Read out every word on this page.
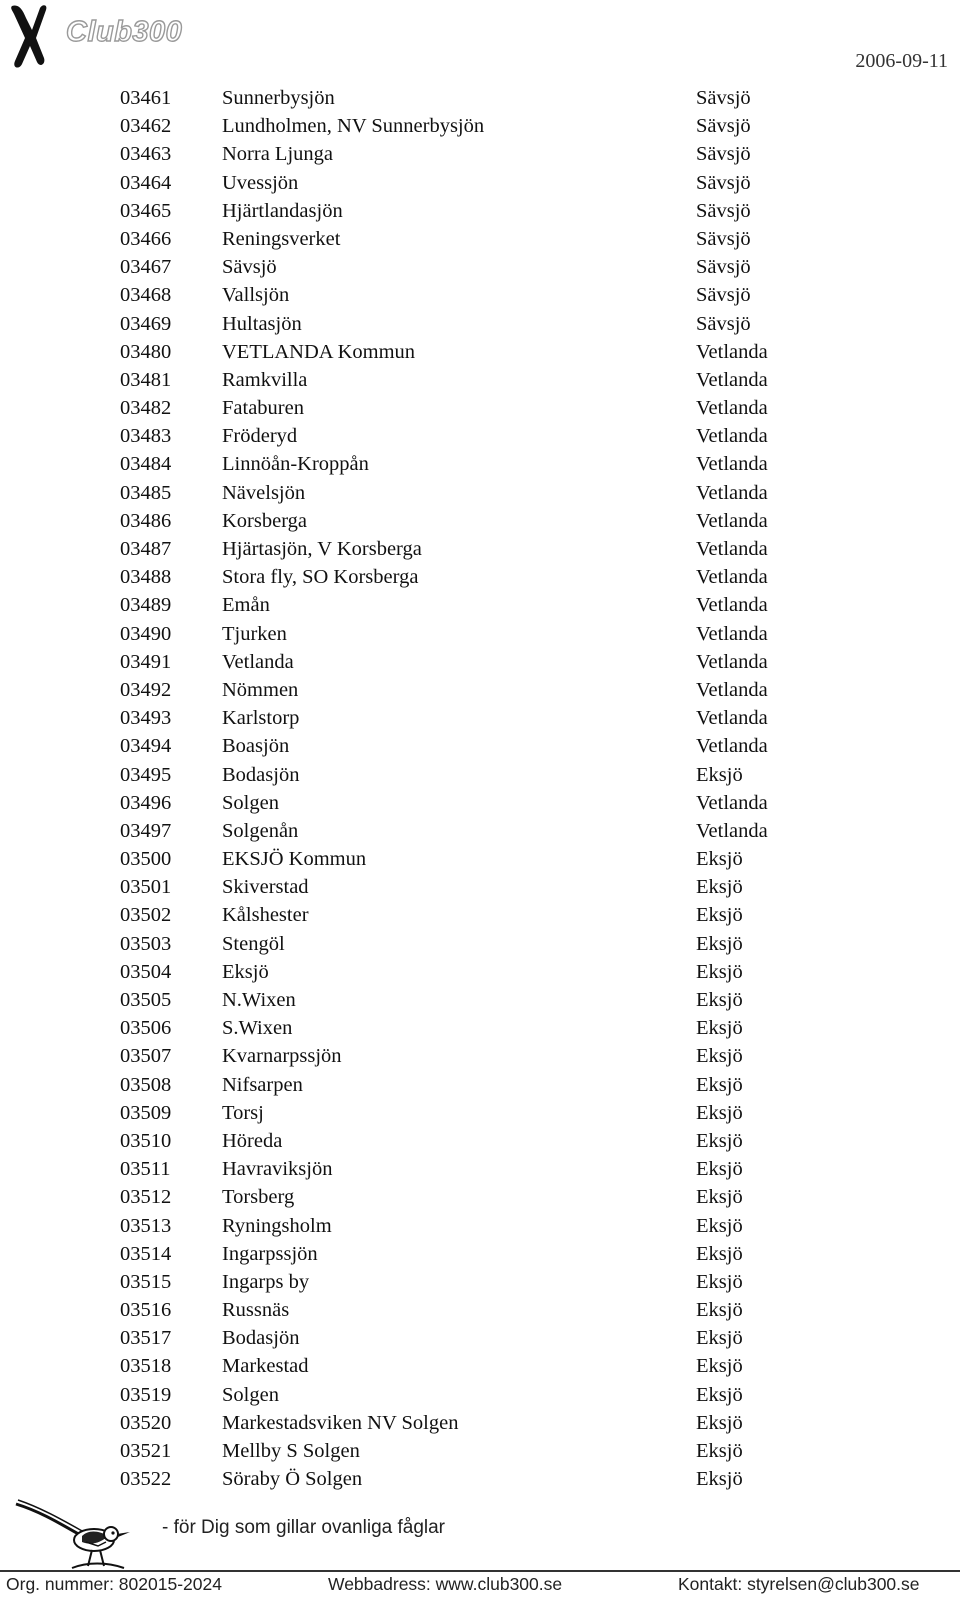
Club300
2006-09-11
03461 Sunnerbysjön	Sävsjö
03462 Lundholmen, NV Sunnerbysjön	Sävsjö
03463 Norra Ljunga	Sävsjö
03464 Uvessjön	Sävsjö
03465 Hjärtlandasjön	Sävsjö
03466 Reningsverket	Sävsjö
03467 Sävsjö	Sävsjö
03468 Vallsjön	Sävsjö
03469 Hultasjön	Sävsjö
03480 VETLANDA Kommun	Vetlanda
03481 Ramkvilla	Vetlanda
03482 Fataburen	Vetlanda
03483 Fröderyd	Vetlanda
03484 Linnöån-Kroppån	Vetlanda
03485 Nävelsjön	Vetlanda
03486 Korsberga	Vetlanda
03487 Hjärtasjön, V Korsberga	Vetlanda
03488 Stora fly, SO Korsberga	Vetlanda
03489 Emån	Vetlanda
03490 Tjurken	Vetlanda
03491 Vetlanda	Vetlanda
03492 Nömmen	Vetlanda
03493 Karlstorp	Vetlanda
03494 Boasjön	Vetlanda
03495 Bodasjön	Eksjö
03496 Solgen	Vetlanda
03497 Solgenån	Vetlanda
03500 EKSJÖ Kommun	Eksjö
03501 Skiverstad	Eksjö
03502 Kålshester	Eksjö
03503 Stengöl	Eksjö
03504 Eksjö	Eksjö
03505 N.Wixen	Eksjö
03506 S.Wixen	Eksjö
03507 Kvarnarpssjön	Eksjö
03508 Nifsarpen	Eksjö
03509 Torsj	Eksjö
03510 Höreda	Eksjö
03511	Havraviksjön	Eksjö
03512 Torsberg	Eksjö
03513 Ryningsholm	Eksjö
03514 Ingarpssjön	Eksjö
03515 Ingarps by	Eksjö
03516 Russnäs	Eksjö
03517 Bodasjön	Eksjö
03518 Markestad	Eksjö
03519 Solgen	Eksjö
03520 Markestadsviken NV Solgen	Eksjö
03521 Mellby S Solgen	Eksjö
03522 Söraby Ö Solgen	Eksjö
- för Dig som gillar ovanliga fåglar
Org. nummer: 802015-2024	Webbadress: www.club300.se	Kontakt: styrelsen@club300.se
